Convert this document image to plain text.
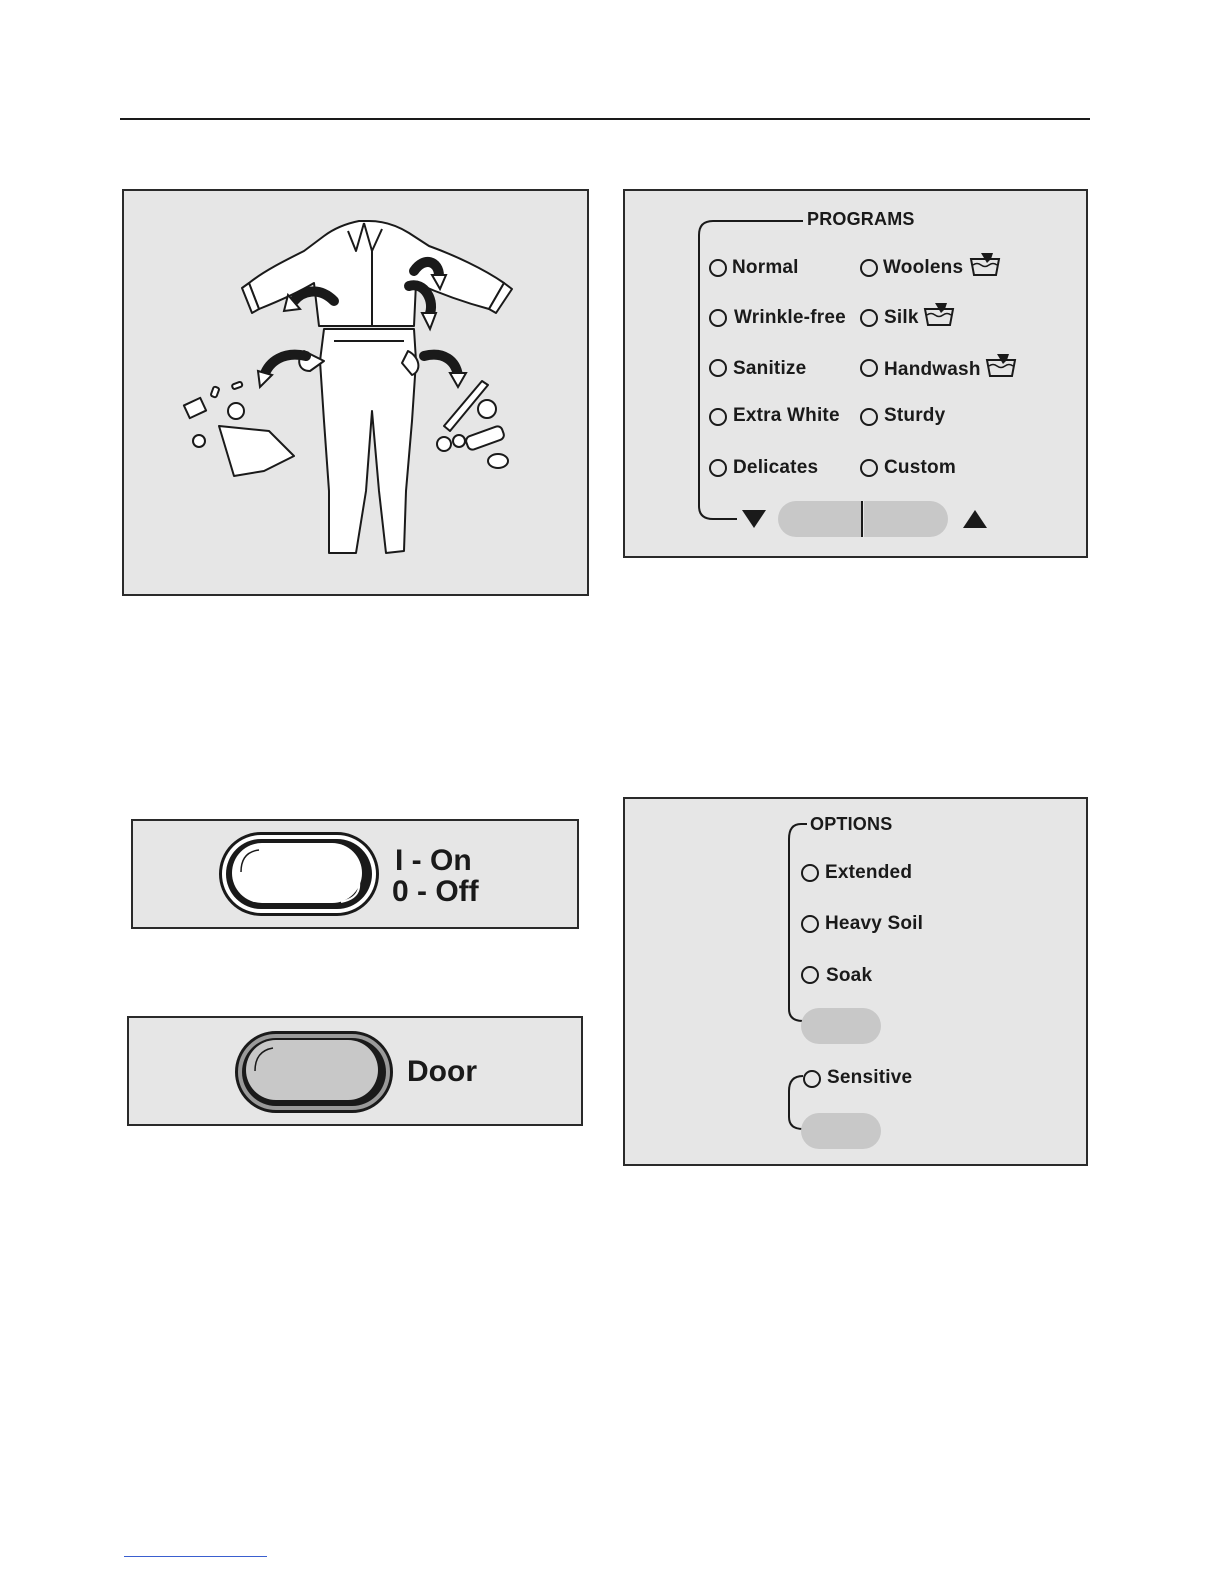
PROGRAMS
Normal
Wrinkle-free
Sanitize
Extra White
Delicates
Woolens
Silk
Handwash
Sturdy
Custom
I - On
0 - Off
Door
OPTIONS
Extended
Heavy Soil
Soak
Sensitive
